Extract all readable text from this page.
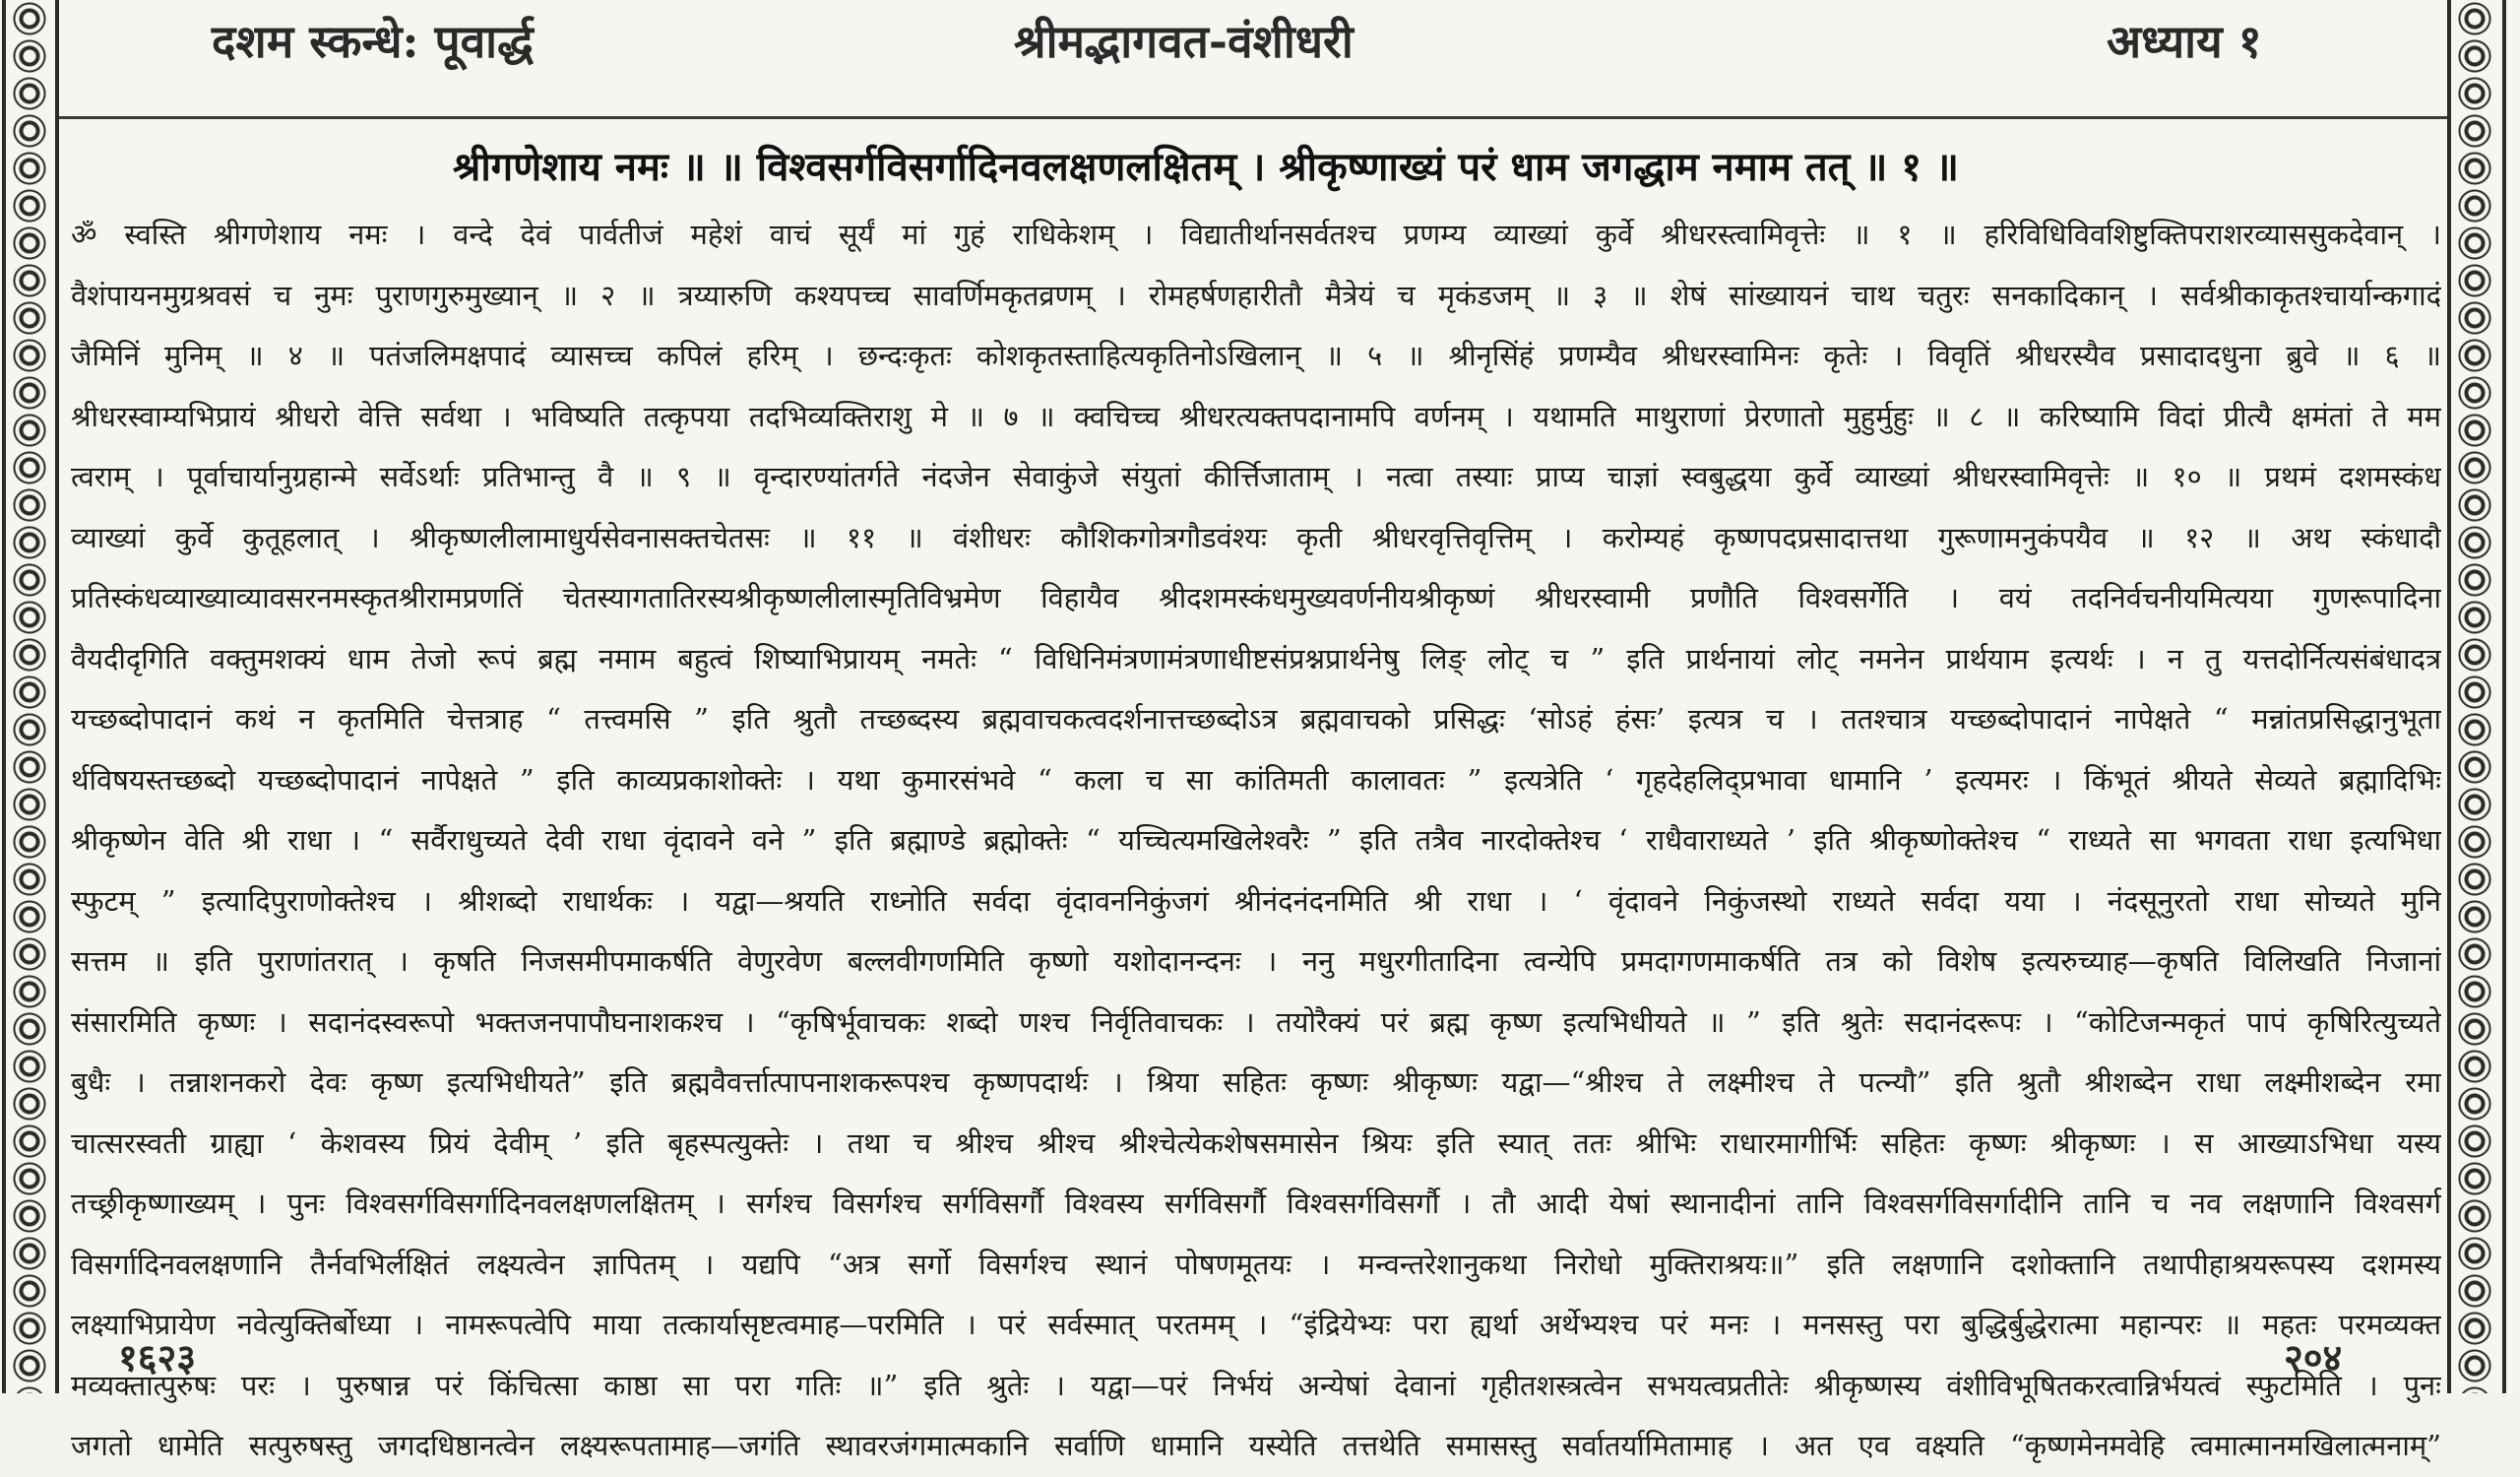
दशम स्कन्धे: पूवार्द्ध	श्रीमद्भागवत-वंशीधरी	अध्याय १
श्रीगणेशाय नमः ॥ ॥ विश्वसर्गविसर्गादिनवलक्षणलक्षितम् । श्रीकृष्णाख्यं परं धाम जगद्धाम नमाम तत् ॥ १ ॥
ॐ स्वस्ति श्रीगणेशाय नमः । वन्दे देवं पार्वतीजं महेशं वाचं सूर्यं मां गुहं राधिकेशम् । विद्यातीर्थानसर्वतश्च प्रणम्य व्याख्यां कुर्वे श्रीधरस्त्वामिवृत्तेः ॥ १ ॥ हरिविधिविवशिष्टुक्तिपराशरव्याससुकदेवान् ।
वैशंपायनमुग्रश्रवसं च नुमः पुराणगुरुमुख्यान् ॥ २ ॥ त्रय्यारुणि कश्यपच्च सावर्णिमकृतव्रणम् । रोमहर्षणहारीतौ मैत्रेयं च मृकंडजम् ॥ ३ ॥ शेषं सांख्यायनं चाथ चतुरः सनकादिकान् । सर्वश्रीकाकृतश्चार्यान्कगादं
जैमिनिं मुनिम् ॥ ४ ॥ पतंजलिमक्षपादं व्यासच्च कपिलं हरिम् । छन्दःकृतः कोशकृतस्ताहित्यकृतिनोऽखिलान् ॥ ५ ॥ श्रीनृसिंहं प्रणम्यैव श्रीधरस्वामिनः कृतेः । विवृतिं श्रीधरस्यैव प्रसादादधुना ब्रुवे ॥ ६ ॥
श्रीधरस्वाम्यभिप्रायं श्रीधरो वेत्ति सर्वथा । भविष्यति तत्कृपया तदभिव्यक्तिराशु मे ॥ ७ ॥ क्वचिच्च श्रीधरत्यक्तपदानामपि वर्णनम् । यथामति माथुराणां प्रेरणातो मुहुर्मुहुः ॥ ८ ॥ करिष्यामि विदां प्रीत्यै क्षमंतां ते मम
त्वराम् । पूर्वाचार्यानुग्रहान्मे सर्वेऽर्थाः प्रतिभान्तु वै ॥ ९ ॥ वृन्दारण्यांतर्गते नंदजेन सेवाकुंजे संयुतां कीर्त्तिजाताम् । नत्वा तस्याः प्राप्य चाज्ञां स्वबुद्धया कुर्वे व्याख्यां श्रीधरस्वामिवृत्तेः ॥ १० ॥ प्रथमं दशमस्कंध
व्याख्यां कुर्वे कुतूहलात् । श्रीकृष्णलीलामाधुर्यसेवनासक्तचेतसः ॥ ११ ॥ वंशीधरः कौशिकगोत्रगौडवंश्यः कृती श्रीधरवृत्तिवृत्तिम् । करोम्यहं कृष्णपदप्रसादात्तथा गुरूणामनुकंपयैव ॥ १२ ॥ अथ स्कंधादौ
प्रतिस्कंधव्याख्याव्यावसरनमस्कृतश्रीरामप्रणतिं चेतस्यागतातिरस्यश्रीकृष्णलीलास्मृतिविभ्रमेण विहायैव श्रीदशमस्कंधमुख्यवर्णनीयश्रीकृष्णं श्रीधरस्वामी प्रणौति विश्वसर्गेति । वयं तदनिर्वचनीयमित्यया गुणरूपादिना
वैयदीदृगिति वक्तुमशक्यं धाम तेजो रूपं ब्रह्म नमाम बहुत्वं शिष्याभिप्रायम् नमतेः “ विधिनिमंत्रणामंत्रणाधीष्टसंप्रश्नप्रार्थनेषु लिङ् लोट् च ” इति प्रार्थनायां लोट् नमनेन प्रार्थयाम इत्यर्थः । न तु यत्तदोर्नित्यसंबंधादत्र
यच्छब्दोपादानं कथं न कृतमिति चेत्तत्राह “ तत्त्वमसि ” इति श्रुतौ तच्छब्दस्य ब्रह्मवाचकत्वदर्शनात्तच्छब्दोऽत्र ब्रह्मवाचको प्रसिद्धः ‘सोऽहं हंसः’ इत्यत्र च । ततश्चात्र यच्छब्दोपादानं नापेक्षते “ मन्नांतप्रसिद्धानुभूता
र्थविषयस्तच्छब्दो यच्छब्दोपादानं नापेक्षते ” इति काव्यप्रकाशोक्तेः । यथा कुमारसंभवे “ कला च सा कांतिमती कालावतः ” इत्यत्रेति ‘ गृहदेहलिद्प्रभावा धामानि ’ इत्यमरः । किंभूतं श्रीयते सेव्यते ब्रह्मादिभिः
श्रीकृष्णेन वेति श्री राधा । “ सर्वैराधुच्यते देवी राधा वृंदावने वने ” इति ब्रह्माण्डे ब्रह्मोक्तेः “ यच्चित्यमखिलेश्वरैः ” इति तत्रैव नारदोक्तेश्च ‘ राधैवाराध्यते ’ इति श्रीकृष्णोक्तेश्च “ राध्यते सा भगवता राधा इत्यभिधा
स्फुटम् ” इत्यादिपुराणोक्तेश्च । श्रीशब्दो राधार्थकः । यद्वा—श्रयति राध्नोति सर्वदा वृंदावननिकुंजगं श्रीनंदनंदनमिति श्री राधा । ‘ वृंदावने निकुंजस्थो राध्यते सर्वदा यया । नंदसूनुरतो राधा सोच्यते मुनि
सत्तम ॥ इति पुराणांतरात् । कृषति निजसमीपमाकर्षति वेणुरवेण बल्लवीगणमिति कृष्णो यशोदानन्दनः । ननु मधुरगीतादिना त्वन्येपि प्रमदागणमाकर्षति तत्र को विशेष इत्यरुच्याह—कृषति विलिखति निजानां
संसारमिति कृष्णः । सदानंदस्वरूपो भक्तजनपापौघनाशकश्च । “कृषिर्भूवाचकः शब्दो णश्च निर्वृतिवाचकः । तयोरैक्यं परं ब्रह्म कृष्ण इत्यभिधीयते ॥ ” इति श्रुतेः सदानंदरूपः । “कोटिजन्मकृतं पापं कृषिरित्युच्यते
बुधैः । तन्नाशनकरो देवः कृष्ण इत्यभिधीयते” इति ब्रह्मवैवर्त्तात्पापनाशकरूपश्च कृष्णपदार्थः । श्रिया सहितः कृष्णः श्रीकृष्णः यद्वा—“श्रीश्च ते लक्ष्मीश्च ते पत्न्यौ” इति श्रुतौ श्रीशब्देन राधा लक्ष्मीशब्देन रमा
चात्सरस्वती ग्राह्या ‘ केशवस्य प्रियं देवीम् ’ इति बृहस्पत्युक्तेः । तथा च श्रीश्च श्रीश्च श्रीश्चेत्येकशेषसमासेन श्रियः इति स्यात् ततः श्रीभिः राधारमागीर्भिः सहितः कृष्णः श्रीकृष्णः । स आख्याऽभिधा यस्य
तच्छ्रीकृष्णाख्यम् । पुनः विश्वसर्गविसर्गादिनवलक्षणलक्षितम् । सर्गश्च विसर्गश्च सर्गविसर्गौ विश्वस्य सर्गविसर्गौ विश्वसर्गविसर्गौ । तौ आदी येषां स्थानादीनां तानि विश्वसर्गविसर्गादीनि तानि च नव लक्षणानि विश्वसर्ग
विसर्गादिनवलक्षणानि तैर्नवभिर्लक्षितं लक्ष्यत्वेन ज्ञापितम् । यद्यपि “अत्र सर्गो विसर्गश्च स्थानं पोषणमूतयः । मन्वन्तरेशानुकथा निरोधो मुक्तिराश्रयः॥” इति लक्षणानि दशोक्तानि तथापीहाश्रयरूपस्य दशमस्य
लक्ष्याभिप्रायेण नवेत्युक्तिर्बोध्या । नामरूपत्वेपि माया तत्कार्यासृष्टत्वमाह—परमिति । परं सर्वस्मात् परतमम् । “इंद्रियेभ्यः परा ह्यर्था अर्थेभ्यश्च परं मनः । मनसस्तु परा बुद्धिर्बुद्धेरात्मा महान्परः ॥ महतः परमव्यक्त
मव्यक्तात्पुरुषः परः । पुरुषान्न परं किंचित्सा काष्ठा सा परा गतिः ॥” इति श्रुतेः । यद्वा—परं निर्भयं अन्येषां देवानां गृहीतशस्त्रत्वेन सभयत्वप्रतीतेः श्रीकृष्णस्य वंशीविभूषितकरत्वान्निर्भयत्वं स्फुटमिति । पुनः
जगतो धामेति सत्पुरुषस्तु जगदधिष्ठानत्वेन लक्ष्यरूपतामाह—जगंति स्थावरजंगमात्मकानि सर्वाणि धामानि यस्येति तत्तथेति समासस्तु सर्वातर्यामितामाह । अत एव वक्ष्यति “कृष्णमेनमवेहि त्वमात्मानमखिलात्मनाम्”
१६२३	२०४
